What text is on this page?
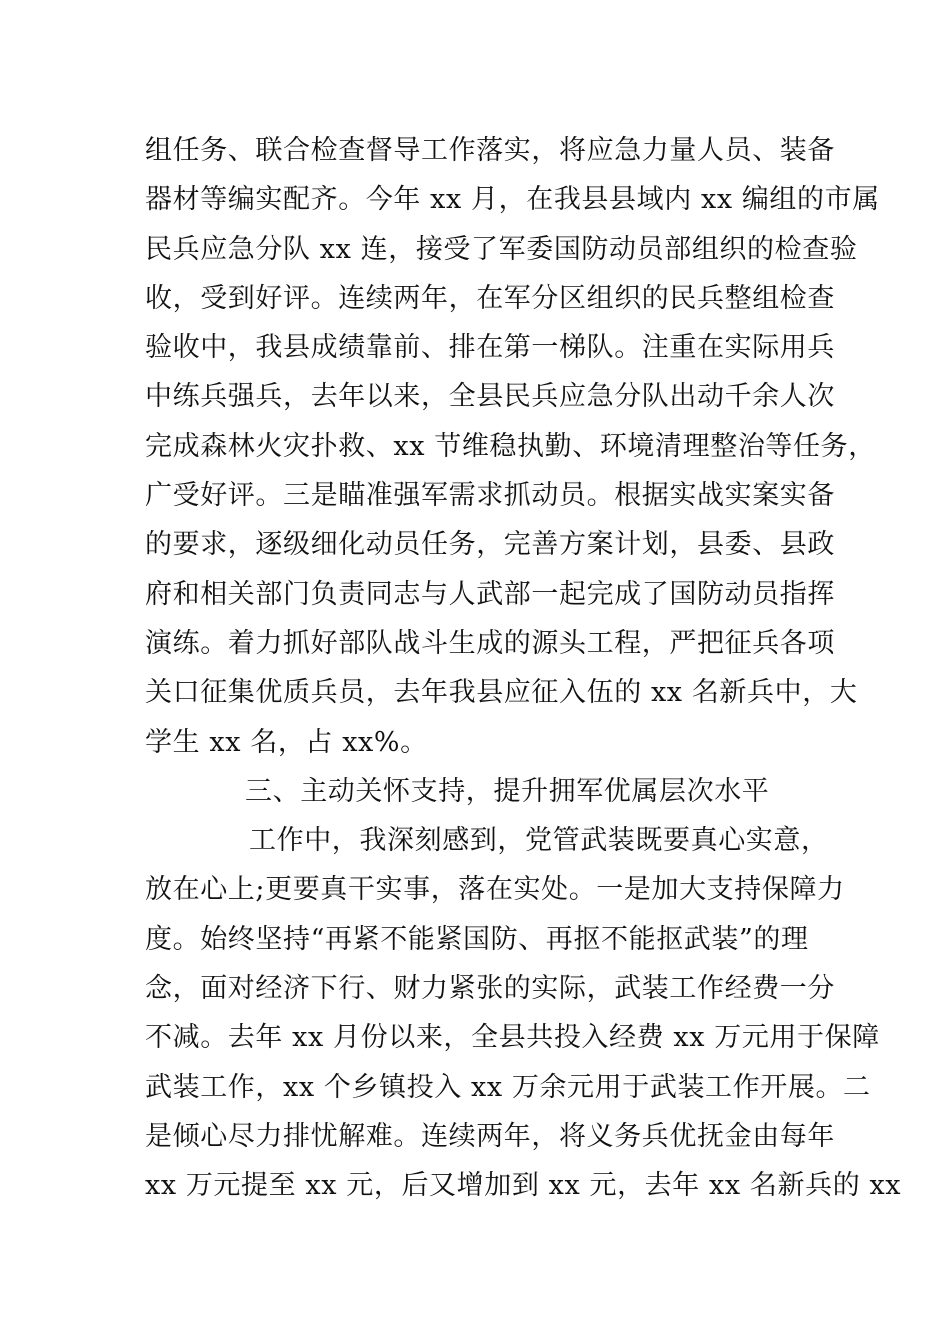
组任务、联合检查督导工作落实，将应急力量人员、装备
器材等编实配齐。今年 xx 月，在我县县域内 xx 编组的市属
民兵应急分队 xx 连，接受了军委国防动员部组织的检查验
收，受到好评。连续两年，在军分区组织的民兵整组检查
验收中，我县成绩靠前、排在第一梯队。注重在实际用兵
中练兵强兵，去年以来，全县民兵应急分队出动千余人次
完成森林火灾扑救、xx 节维稳执勤、环境清理整治等任务，
广受好评。三是瞄准强军需求抓动员。根据实战实案实备
的要求，逐级细化动员任务，完善方案计划，县委、县政
府和相关部门负责同志与人武部一起完成了国防动员指挥
演练。着力抓好部队战斗生成的源头工程，严把征兵各项
关口征集优质兵员，去年我县应征入伍的 xx 名新兵中，大
学生 xx 名，占 xx%。
三、主动关怀支持，提升拥军优属层次水平
工作中，我深刻感到，党管武装既要真心实意，
放在心上;更要真干实事，落在实处。一是加大支持保障力
度。始终坚持“再紧不能紧国防、再抠不能抠武装”的理
念，面对经济下行、财力紧张的实际，武装工作经费一分
不减。去年 xx 月份以来，全县共投入经费 xx 万元用于保障
武装工作，xx 个乡镇投入 xx 万余元用于武装工作开展。二
是倾心尽力排忧解难。连续两年，将义务兵优抚金由每年
xx 万元提至 xx 元，后又增加到 xx 元，去年 xx 名新兵的 xx
